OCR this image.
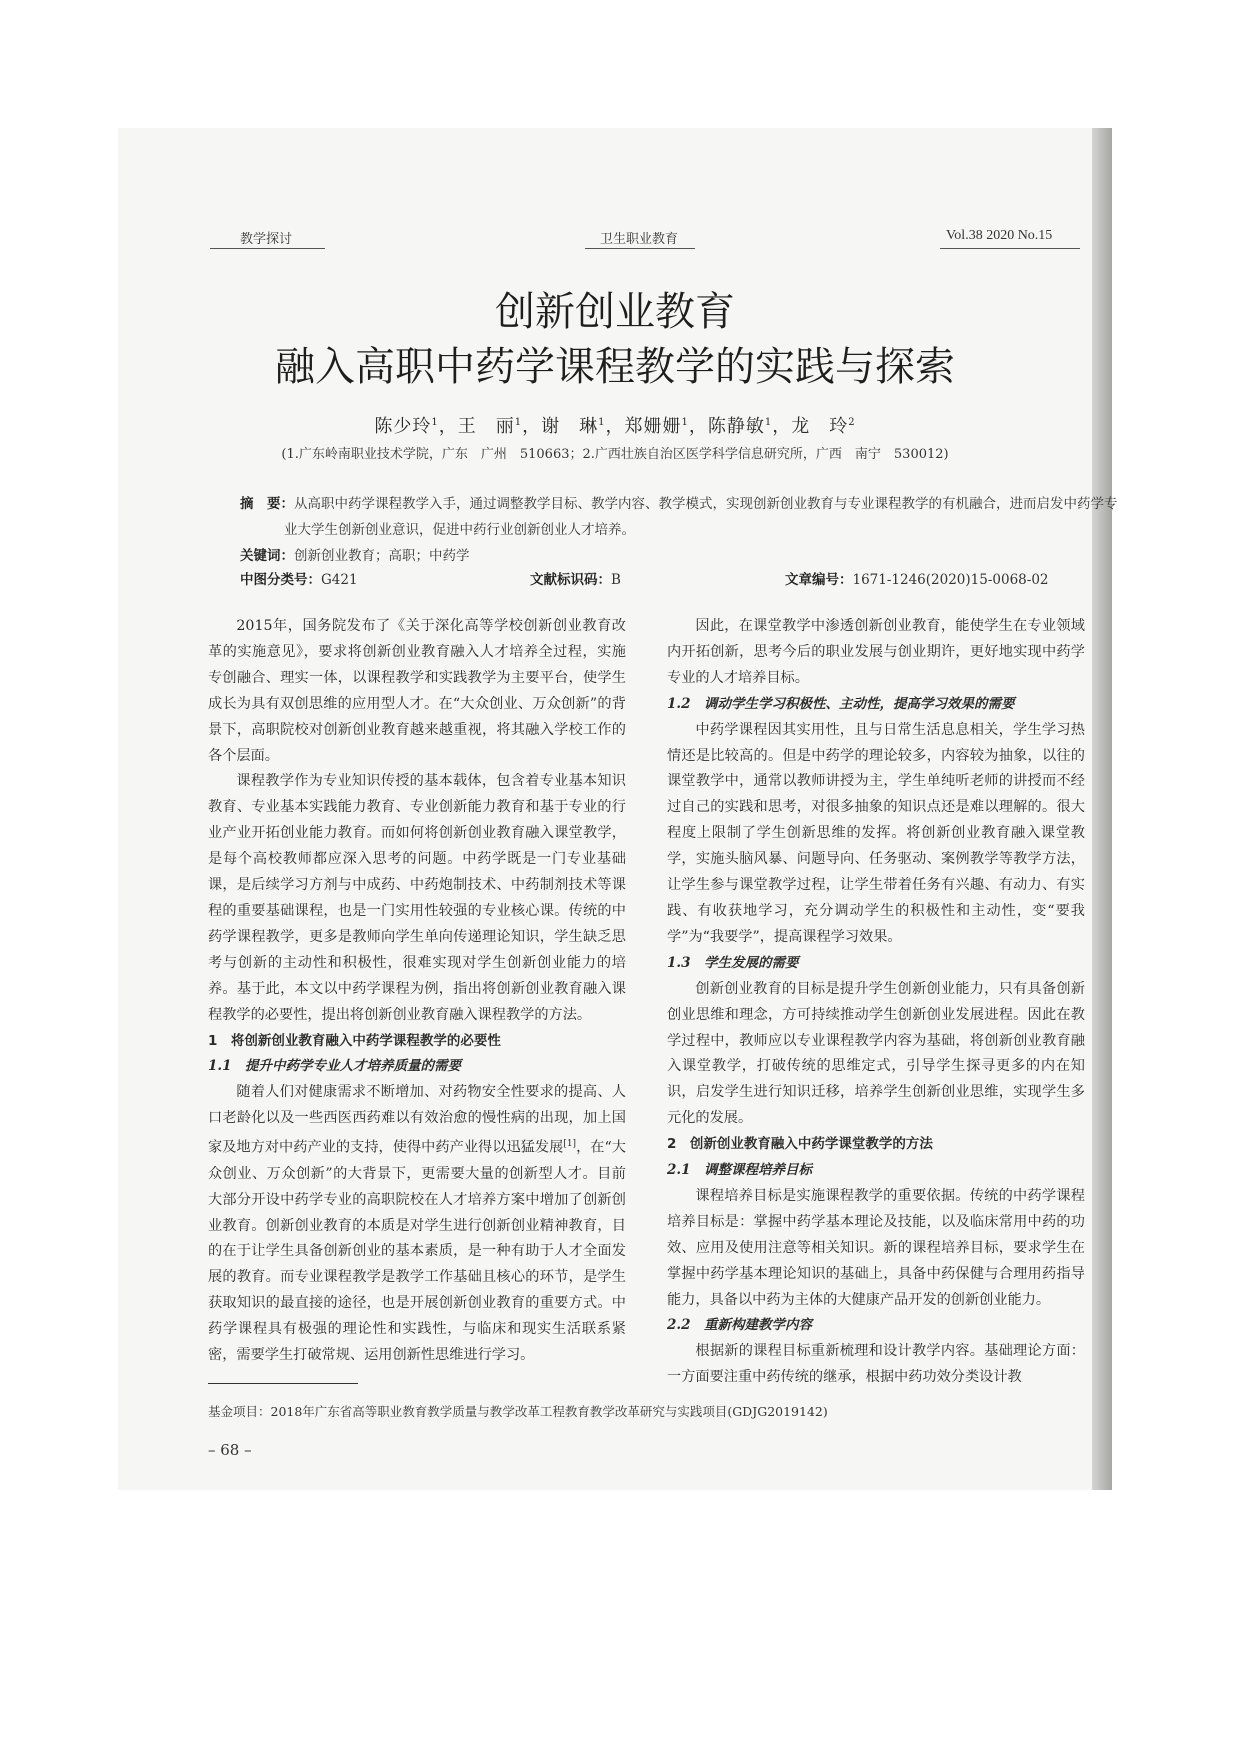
教学探讨	卫生职业教育	Vol.38 2020 No.15
创新创业教育
融入高职中药学课程教学的实践与探索
陈少玲$^1$，王　丽$^1$，谢　琳$^1$，郑姗姗$^1$，陈静敏$^1$，龙　玲$^2$
(1.广东岭南职业技术学院，广东　广州　510663；2.广西壮族自治区医学科学信息研究所，广西　南宁　530012)
摘　要：从高职中药学课程教学入手，通过调整教学目标、教学内容、教学模式，实现创新创业教育与专业课程教学的有机融合，进而启发中药学专业大学生创新创业意识，促进中药行业创新创业人才培养。
关键词：创新创业教育；高职；中药学
中图分类号： G421	文献标识码： B	文章编号： 1671-1246(2020)15-0068-02

2015年，国务院发布了《关于深化高等学校创新创业教育改革的实施意见》，要求将创新创业教育融入人才培养全过程，实施专创融合、理实一体，以课程教学和实践教学为主要平台，使学生成长为具有双创思维的应用型人才。在“大众创业、万众创新”的背景下，高职院校对创新创业教育越来越重视，将其融入学校工作的各个层面。

课程教学作为专业知识传授的基本载体，包含着专业基本知识教育、专业基本实践能力教育、专业创新能力教育和基于专业的行业产业开拓创业能力教育。而如何将创新创业教育融入课堂教学，是每个高校教师都应深入思考的问题。中药学既是一门专业基础课，是后续学习方剂与中成药、中药炮制技术、中药制剂技术等课程的重要基础课程，也是一门实用性较强的专业核心课。传统的中药学课程教学，更多是教师向学生单向传递理论知识，学生缺乏思考与创新的主动性和积极性，很难实现对学生创新创业能力的培养。基于此，本文以中药学课程为例，指出将创新创业教育融入课程教学的必要性，提出将创新创业教育融入课程教学的方法。

1　将创新创业教育融入中药学课程教学的必要性
1.1　提升中药学专业人才培养质量的需要

随着人们对健康需求不断增加、对药物安全性要求的提高、人口老龄化以及一些西医西药难以有效治愈的慢性病的出现，加上国家及地方对中药产业的支持，使得中药产业得以迅猛发展[1]，在“大众创业、万众创新”的大背景下，更需要大量的创新型人才。目前大部分开设中药学专业的高职院校在人才培养方案中增加了创新创业教育。创新创业教育的本质是对学生进行创新创业精神教育，目的在于让学生具备创新创业的基本素质，是一种有助于人才全面发展的教育。而专业课程教学是教学工作基础且核心的环节，是学生获取知识的最直接的途径，也是开展创新创业教育的重要方式。中药学课程具有极强的理论性和实践性，与临床和现实生活联系紧密，需要学生打破常规、运用创新性思维进行学习。

因此，在课堂教学中渗透创新创业教育，能使学生在专业领域内开拓创新，思考今后的职业发展与创业期许，更好地实现中药学专业的人才培养目标。

1.2　调动学生学习积极性、主动性，提高学习效果的需要

中药学课程因其实用性，且与日常生活息息相关，学生学习热情还是比较高的。但是中药学的理论较多，内容较为抽象，以往的课堂教学中，通常以教师讲授为主，学生单纯听老师的讲授而不经过自己的实践和思考，对很多抽象的知识点还是难以理解的。很大程度上限制了学生创新思维的发挥。将创新创业教育融入课堂教学，实施头脑风暴、问题导向、任务驱动、案例教学等教学方法，让学生参与课堂教学过程，让学生带着任务有兴趣、有动力、有实践、有收获地学习，充分调动学生的积极性和主动性，变“要我学”为“我要学”，提高课程学习效果。

1.3　学生发展的需要

创新创业教育的目标是提升学生创新创业能力，只有具备创新创业思维和理念，方可持续推动学生创新创业发展进程。因此在教学过程中，教师应以专业课程教学内容为基础，将创新创业教育融入课堂教学，打破传统的思维定式，引导学生探寻更多的内在知识，启发学生进行知识迁移，培养学生创新创业思维，实现学生多元化的发展。

2　创新创业教育融入中药学课堂教学的方法
2.1　调整课程培养目标

课程培养目标是实施课程教学的重要依据。传统的中药学课程培养目标是：掌握中药学基本理论及技能，以及临床常用中药的功效、应用及使用注意等相关知识。新的课程培养目标，要求学生在掌握中药学基本理论知识的基础上，具备中药保健与合理用药指导能力，具备以中药为主体的大健康产品开发的创新创业能力。

2.2　重新构建教学内容

根据新的课程目标重新梳理和设计教学内容。基础理论方面：一方面要注重中药传统的继承，根据中药功效分类设计教

基金项目：2018年广东省高等职业教育教学质量与教学改革工程教育教学改革研究与实践项目(GDJG2019142)
– 68 –
